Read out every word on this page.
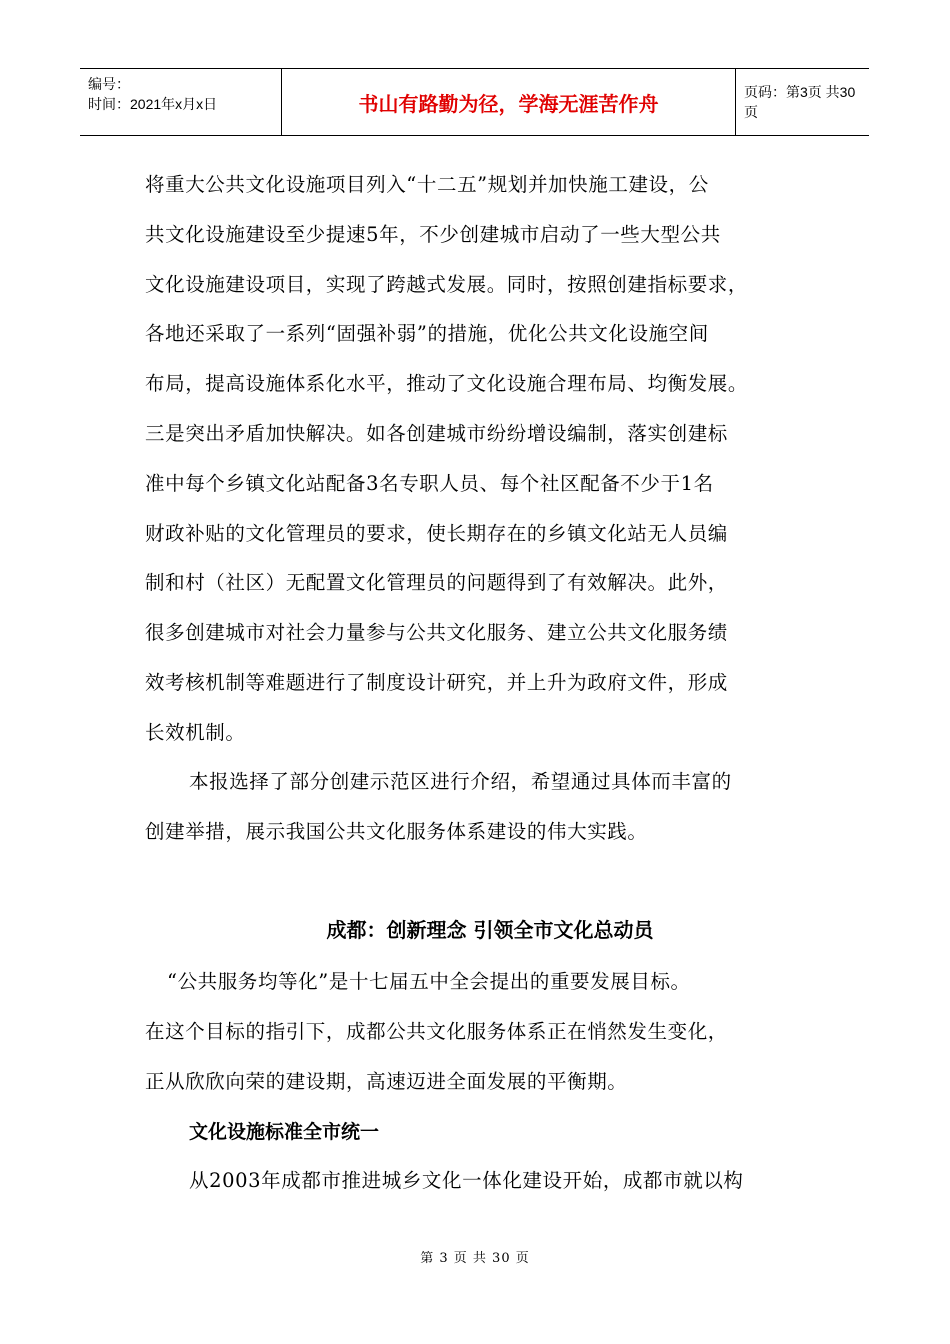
编号：
时间：2021年x月x日	书山有路勤为径，学海无涯苦作舟	页码：第3页 共30页
将重大公共文化设施项目列入“十二五”规划并加快施工建设，公
共文化设施建设至少提速5年，不少创建城市启动了一些大型公共
文化设施建设项目，实现了跨越式发展。同时，按照创建指标要求，
各地还采取了一系列“固强补弱”的措施，优化公共文化设施空间
布局，提高设施体系化水平，推动了文化设施合理布局、均衡发展。
三是突出矛盾加快解决。如各创建城市纷纷增设编制，落实创建标
准中每个乡镇文化站配备3名专职人员、每个社区配备不少于1名
财政补贴的文化管理员的要求，使长期存在的乡镇文化站无人员编
制和村（社区）无配置文化管理员的问题得到了有效解决。此外，
很多创建城市对社会力量参与公共文化服务、建立公共文化服务绩
效考核机制等难题进行了制度设计研究，并上升为政府文件，形成
长效机制。
本报选择了部分创建示范区进行介绍，希望通过具体而丰富的
创建举措，展示我国公共文化服务体系建设的伟大实践。
成都：创新理念 引领全市文化总动员
“公共服务均等化”是十七届五中全会提出的重要发展目标。
在这个目标的指引下，成都公共文化服务体系正在悄然发生变化，
正从欣欣向荣的建设期，高速迈进全面发展的平衡期。
文化设施标准全市统一
从2003年成都市推进城乡文化一体化建设开始，成都市就以构
第 3 页 共 30 页
